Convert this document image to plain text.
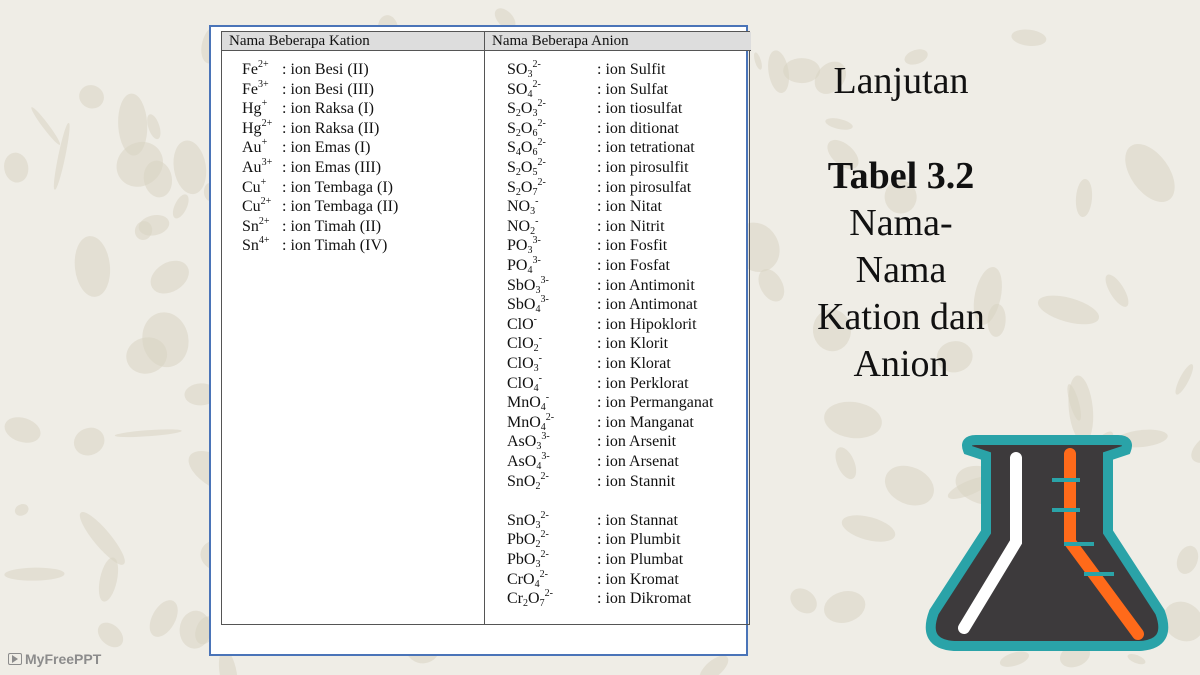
Nama Beberapa Kation	Nama Beberapa Anion
$Fe^{2+}$ : ion Besi (II)
$Fe^{3+}$ : ion Besi (III)
Hg+ : ion Raksa (I)
$Hg^{2+}$ : ion Raksa (II)
Au+ : ion Emas (I)
$Au^{3+}$ : ion Emas (III)
Cu+ : ion Tembaga (I)
$Cu^{2+}$ : ion Tembaga (II)
$Sn^{2+}$ : ion Timah (II)
$Sn^{4+}$ : ion Timah (IV)
$SO_3^{2-}$	: ion Sulfit
$SO_4^{2-}$	: ion Sulfat
$S_2O_3^{2-}$	: ion tiosulfat
$S_2O_6^{2-}$	: ion ditionat
$S_4O_6^{2-}$	: ion tetrationat
$S_2O_5^{2-}$	: ion pirosulfit
$S_2O_7^{2-}$	: ion pirosulfat
$NO_3^-$	: ion Nitat
$NO_2^-$	: ion Nitrit
$PO_3^{3-}$	: ion Fosfit
$PO_4^{3-}$	: ion Fosfat
SbO$_3^{3-}$	: ion Antimonit
SbO$_4^{3-}$	: ion Antimonat
ClO-	: ion Hipoklorit
ClO$_2$-	: ion Klorit
ClO$_3$-	: ion Klorat
ClO$_4$-	: ion Perklorat
MnO$_4$-	: ion Permanganat
MnO$_4^{2-}$	: ion Manganat
AsO$_3^{3-}$	: ion Arsenit
AsO$_4^{3-}$	: ion Arsenat
SnO$_2^{2-}$	: ion Stannit
SnO$_3^{2-}$	: ion Stannat
PbO$_2^{2-}$	: ion Plumbit
PbO$_3^{2-}$	: ion Plumbat
CrO$_4^{2-}$	: ion Kromat
$Cr_2O_7^{2-}$	: ion Dikromat
Lanjutan
Tabel 3.2
Nama-
Nama
Kation dan
Anion
MyFreePPT
